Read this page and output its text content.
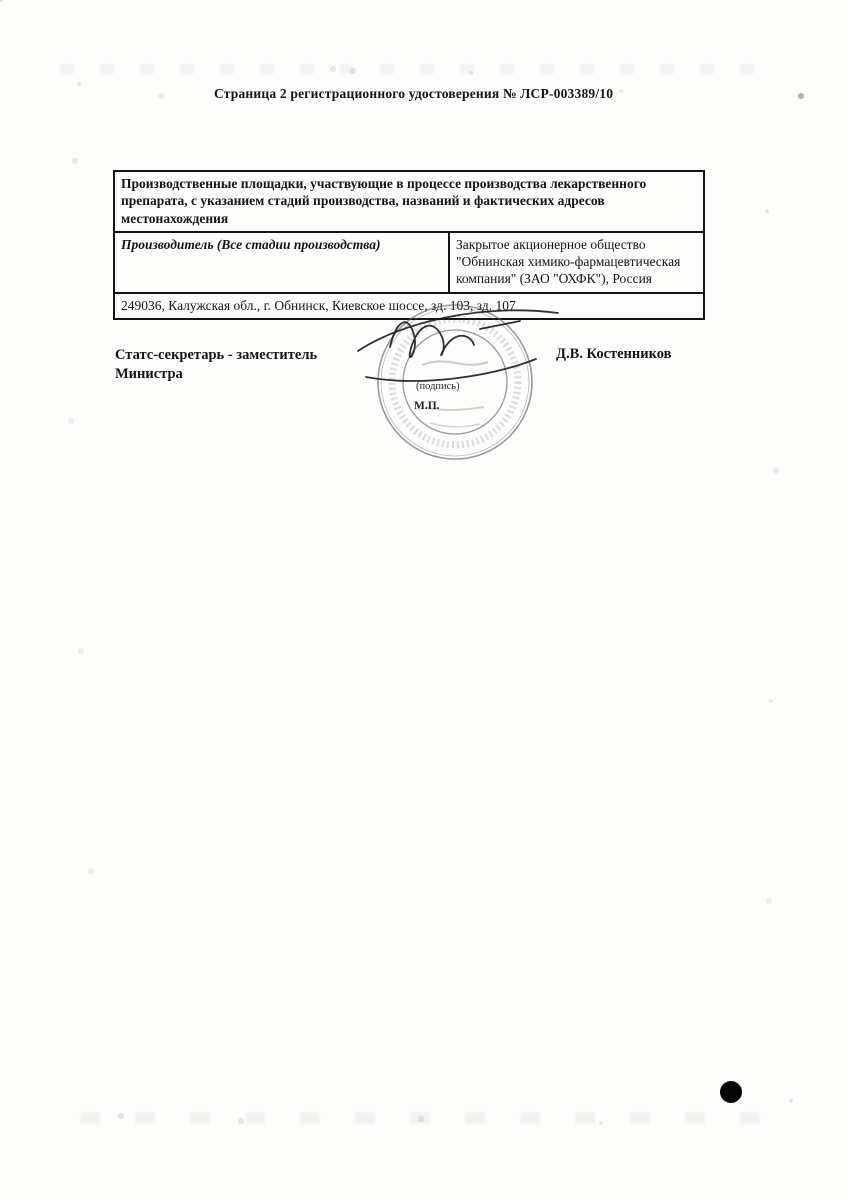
Страница 2 регистрационного удостоверения № ЛСР-003389/10
Производственные площадки, участвующие в процессе производства лекарственного препарата, с указанием стадий производства, названий и фактических адресов местонахождения
Производитель (Все стадии производства)	Закрытое акционерное общество "Обнинская химико-фармацевтическая компания" (ЗАО "ОХФК"), Россия
249036, Калужская обл., г. Обнинск, Киевское шоссе, зд. 103, зд. 107
Статс-секретарь - заместитель
Министра
Д.В. Костенников
(подпись)
М.П.
